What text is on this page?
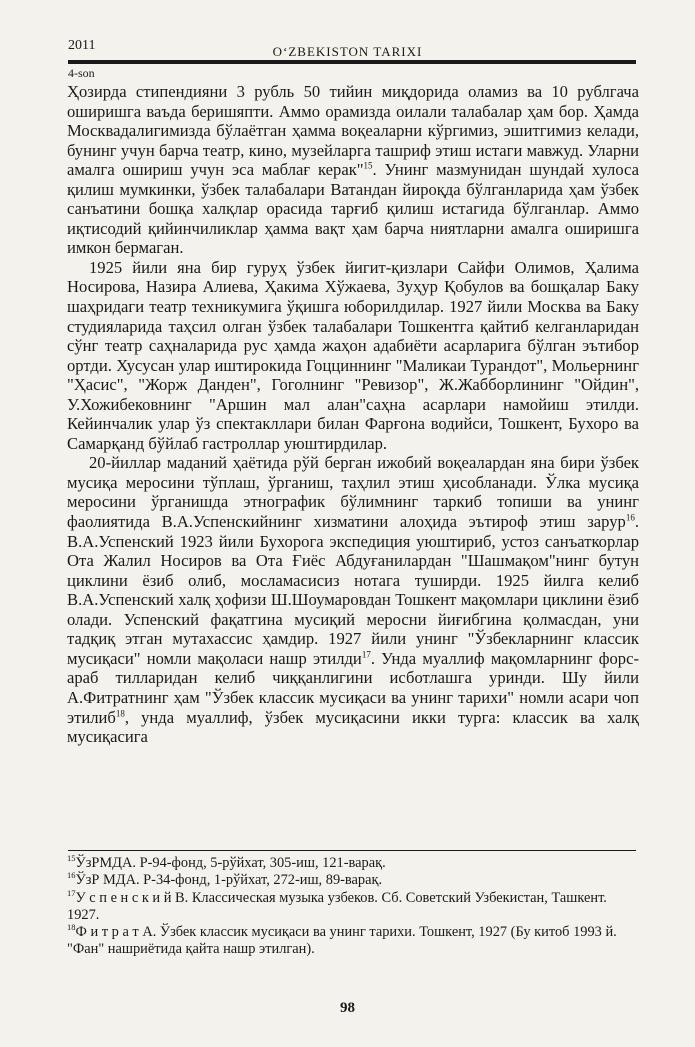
2011	O‘ZBEKISTON TARIXI
4-son

Ҳозирда стипендияни 3 рубль 50 тийин миқдорида оламиз ва 10 рублгача оширишга ваъда беришяпти. Аммо орамизда оилали талабалар ҳам бор. Ҳамда Москвадалигимизда бўлаётган ҳамма воқеаларни кўргимиз, эшитгимиз келади, бунинг учун барча театр, кино, музейларга ташриф этиш истаги мавжуд. Уларни амалга ошириш учун эса маблағ керак"$^{15}$. Унинг мазмунидан шундай хулоса қилиш мумкинки, ўзбек талабалари Ватандан йироқда бўлганларида ҳам ўзбек санъатини бошқа халқлар орасида тарғиб қилиш истагида бўлганлар. Аммо иқтисодий қийинчиликлар ҳамма вақт ҳам барча ниятларни амалга оширишга имкон бермаган.

1925 йили яна бир гуруҳ ўзбек йигит-қизлари Сайфи Олимов, Ҳалима Носирова, Назира Алиева, Ҳакима Хўжаева, Зуҳур Қобулов ва бошқалар Баку шаҳридаги театр техникумига ўқишга юборилдилар. 1927 йили Москва ва Баку студияларида таҳсил олган ўзбек талабалари Тошкентга қайтиб келганларидан сўнг театр саҳналарида рус ҳамда жаҳон адабиёти асарларига бўлган эътибор ортди. Хусусан улар иштирокида Гоцциннинг "Маликаи Турандот", Мольернинг "Ҳасис", "Жорж Данден", Гоголнинг "Ревизор", Ж.Жабборлининг "Ойдин", У.Хожибековнинг "Аршин мал алан"саҳна асарлари намойиш этилди. Кейинчалик улар ўз спектакллари билан Фарғона водийси, Тошкент, Бухоро ва Самарқанд бўйлаб гастроллар уюштирдилар.

20-йиллар маданий ҳаётида рўй берган ижобий воқеалардан яна бири ўзбек мусиқа меросини тўплаш, ўрганиш, таҳлил этиш ҳисобланади. Ўлка мусиқа меросини ўрганишда этнографик бўлимнинг таркиб топиши ва унинг фаолиятида В.А.Успенскийнинг хизматини алоҳида эътироф этиш зарур$^{16}$. В.А.Успенский 1923 йили Бухорога экспедиция уюштириб, устоз санъаткорлар Ота Жалил Носиров ва Ота Ғиёс Абдуғанилардан "Шашмақом"нинг бутун циклини ёзиб олиб, мосламасисиз нотага туширди. 1925 йилга келиб В.А.Успенский халқ ҳофизи Ш.Шоумаровдан Тошкент мақомлари циклини ёзиб олади. Успенский фақатгина мусиқий меросни йиғибгина қолмасдан, уни тадқиқ этган мутахассис ҳамдир. 1927 йили унинг "Ўзбекларнинг классик мусиқаси" номли мақоласи нашр этилди$^{17}$. Унда муаллиф мақомларнинг форс-араб тилларидан келиб чиққанлигини исботлашга уринди. Шу йили А.Фитратнинг ҳам "Ўзбек классик мусиқаси ва унинг тарихи" номли асари чоп этилиб$^{18}$, унда муаллиф, ўзбек мусиқасини икки турга: классик ва халқ мусиқасига

$^{15}$ЎзРМДА. Р-94-фонд, 5-рўйхат, 305-иш, 121-варақ.

$^{16}$ЎзР МДА. Р-34-фонд, 1-рўйхат, 272-иш, 89-варақ.

$^{17}$У с п е н с к и й В. Классическая музыка узбеков. Сб. Советский Узбекистан, Ташкент. 1927.

$^{18}$Ф и т р а т А. Ўзбек классик мусиқаси ва унинг тарихи. Тошкент, 1927 (Бу китоб 1993 й. "Фан" нашриётида қайта нашр этилган).

98
